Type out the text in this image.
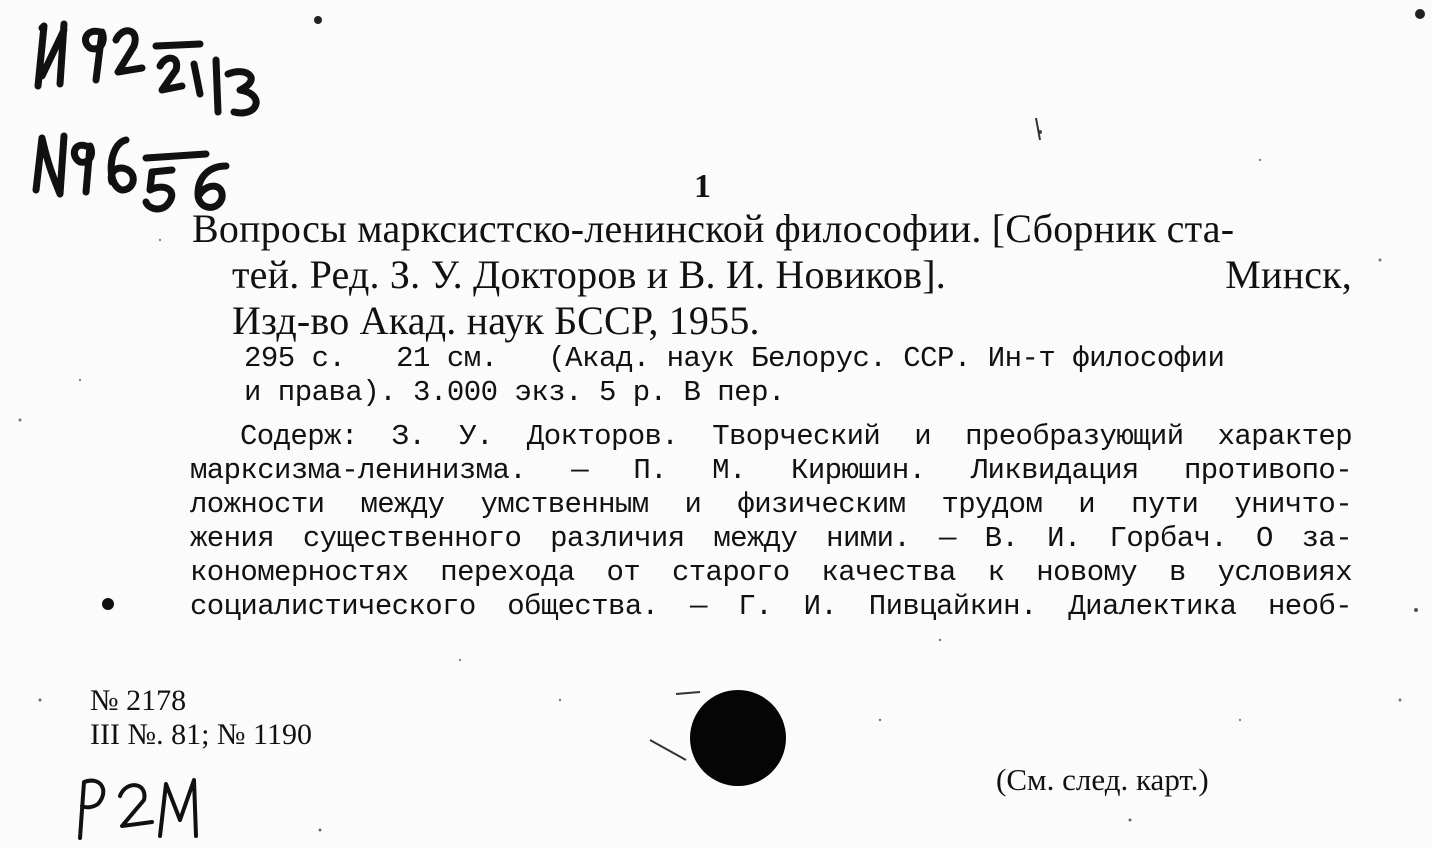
1
Вопросы марксистско-ленинской философии. [Сборник ста-
тей. Ред. З. У. Докторов и В. И. Новиков].	Минск,
Изд-во Акад. наук БССР, 1955.
295 с.   21 см.   (Акад. наук Белорус. ССР. Ин-т философии
и права). 3.000 экз. 5 р. В пер.
Содерж: З. У. Докторов. Творческий и преобразующий характер
марксизма-ленинизма. — П. М. Кирюшин. Ликвидация противопо-
ложности между умственным и физическим трудом и пути уничто-
жения существенного различия между ними. — В. И. Горбач. О за-
кономерностях перехода от старого качества к новому в условиях
социалистического общества. — Г. И. Пивцайкин. Диалектика необ-
№ 2178
III №. 81; № 1190
(См. след. карт.)
